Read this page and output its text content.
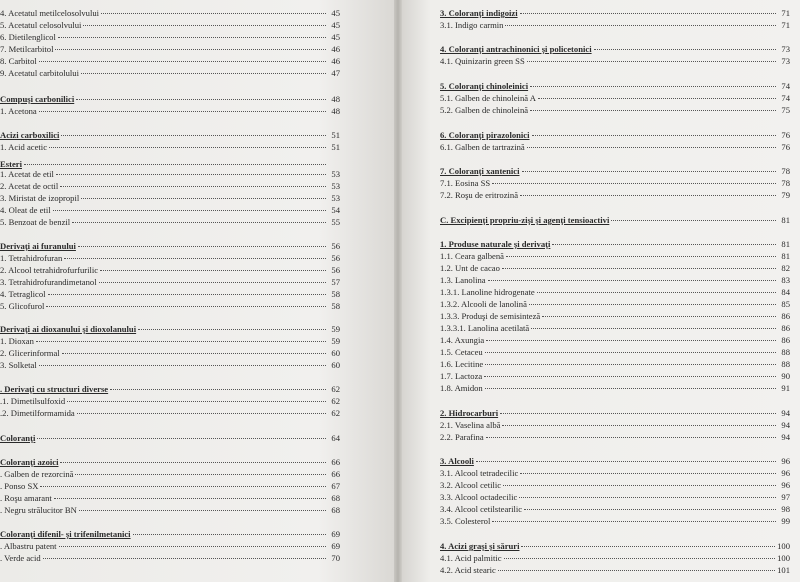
4. Acetatul metilcelosolvului	45
5. Acetatul celosolvului	45
6. Dietilenglicol	45
7. Metilcarbitol	46
8. Carbitol	46
9. Acetatul carbitolului	47
Compuşi carbonilici	48
1. Acetona	48
Acizi carboxilici	51
1. Acid acetic	51
Esteri
1. Acetat de etil	53
2. Acetat de octil	53
3. Miristat de izopropil	53
4. Oleat de etil	54
5. Benzoat de benzil	55
Derivaţi ai furanului	56
1. Tetrahidrofuran	56
2. Alcool tetrahidrofurfurilic	56
3. Tetrahidrofurandimetanol	57
4. Tetraglicol	58
5. Glicofurol	58
Derivaţi ai dioxanului şi dioxolanului	59
1. Dioxan	59
2. Glicerinformal	60
3. Solketal	60
. Derivaţi cu structuri diverse	62
.1. Dimetilsulfoxid	62
.2. Dimetilformamida	62
Coloranţi	64
Coloranţi azoici	66
. Galben de rezorcină	66
. Ponso SX	67
. Roşu amarant	68
. Negru strălucitor BN	68
Coloranţi difenil- şi trifenilmetanici	69
. Albastru patent	69
. Verde acid	70
3. Coloranţi indigoizi	71
3.1. Indigo carmin	71
4. Coloranţi antrachinonici şi policetonici	73
4.1. Quinizarin green SS	73
5. Coloranţi chinoleinici	74
5.1. Galben de chinoleină A	74
5.2. Galben de chinoleină	75
6. Coloranţi pirazolonici	76
6.1. Galben de tartrazină	76
7. Coloranţi xantenici	78
7.1. Eosina SS	78
7.2. Roşu de eritrozină	79
C. Excipienţi propriu-zişi şi agenţi tensioactivi	81
1. Produse naturale şi derivaţi	81
1.1. Ceara galbenă	81
1.2. Unt de cacao	82
1.3. Lanolina	83
1.3.1. Lanoline hidrogenate	84
1.3.2. Alcooli de lanolină	85
1.3.3. Produşi de semisinteză	86
1.3.3.1. Lanolina acetilată	86
1.4. Axungia	86
1.5. Cetaceu	88
1.6. Lecitine	88
1.7. Lactoza	90
1.8. Amidon	91
2. Hidrocarburi	94
2.1. Vaselina albă	94
2.2. Parafina	94
3. Alcooli	96
3.1. Alcool tetradecilic	96
3.2. Alcool cetilic	96
3.3. Alcool octadecilic	97
3.4. Alcool cetilstearilic	98
3.5. Colesterol	99
4. Acizi graşi şi săruri	100
4.1. Acid palmitic	100
4.2. Acid stearic	101
